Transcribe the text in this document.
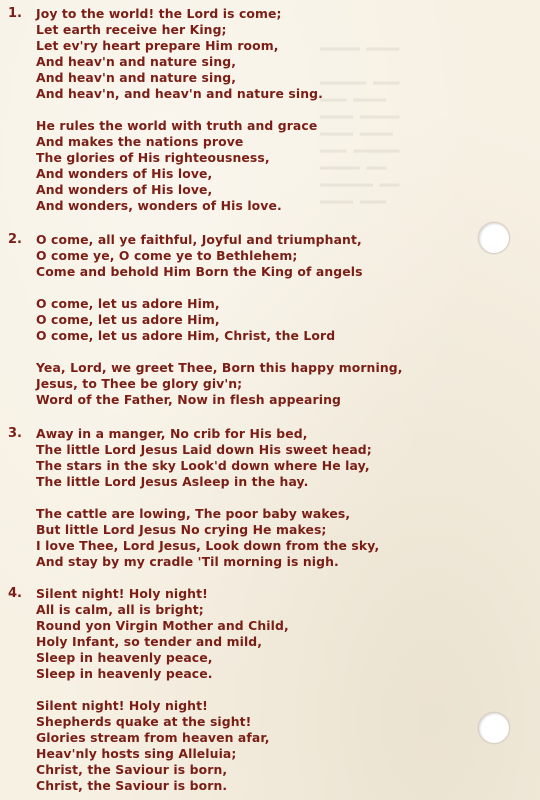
▬▬▬▬▬▬ ▬▬▬▬▬

▬▬▬▬▬▬▬ ▬▬▬▬
▬▬▬▬ ▬▬▬▬▬
▬▬▬▬▬ ▬▬▬▬▬▬
▬▬▬▬▬ ▬▬▬▬▬
▬▬▬▬ ▬▬▬▬▬▬▬
▬▬▬▬▬▬ ▬▬▬
▬▬▬▬▬▬▬▬ ▬▬▬
▬▬▬▬▬ ▬▬▬▬
1.	Joy to the world! the Lord is come;
Let earth receive her King;
Let ev'ry heart prepare Him room,
And heav'n and nature sing,
And heav'n and nature sing,
And heav'n, and heav'n and nature sing.
He rules the world with truth and grace
And makes the nations prove
The glories of His righteousness,
And wonders of His love,
And wonders of His love,
And wonders, wonders of His love.
2.	O come, all ye faithful, Joyful and triumphant,
O come ye, O come ye to Bethlehem;
Come and behold Him Born the King of angels
O come, let us adore Him,
O come, let us adore Him,
O come, let us adore Him, Christ, the Lord
Yea, Lord, we greet Thee, Born this happy morning,
Jesus, to Thee be glory giv'n;
Word of the Father, Now in flesh appearing
3.	Away in a manger, No crib for His bed,
The little Lord Jesus Laid down His sweet head;
The stars in the sky Look'd down where He lay,
The little Lord Jesus Asleep in the hay.
The cattle are lowing, The poor baby wakes,
But little Lord Jesus No crying He makes;
I love Thee, Lord Jesus, Look down from the sky,
And stay by my cradle 'Til morning is nigh.
4.	Silent night! Holy night!
All is calm, all is bright;
Round yon Virgin Mother and Child,
Holy Infant, so tender and mild,
Sleep in heavenly peace,
Sleep in heavenly peace.
Silent night! Holy night!
Shepherds quake at the sight!
Glories stream from heaven afar,
Heav'nly hosts sing Alleluia;
Christ, the Saviour is born,
Christ, the Saviour is born.
